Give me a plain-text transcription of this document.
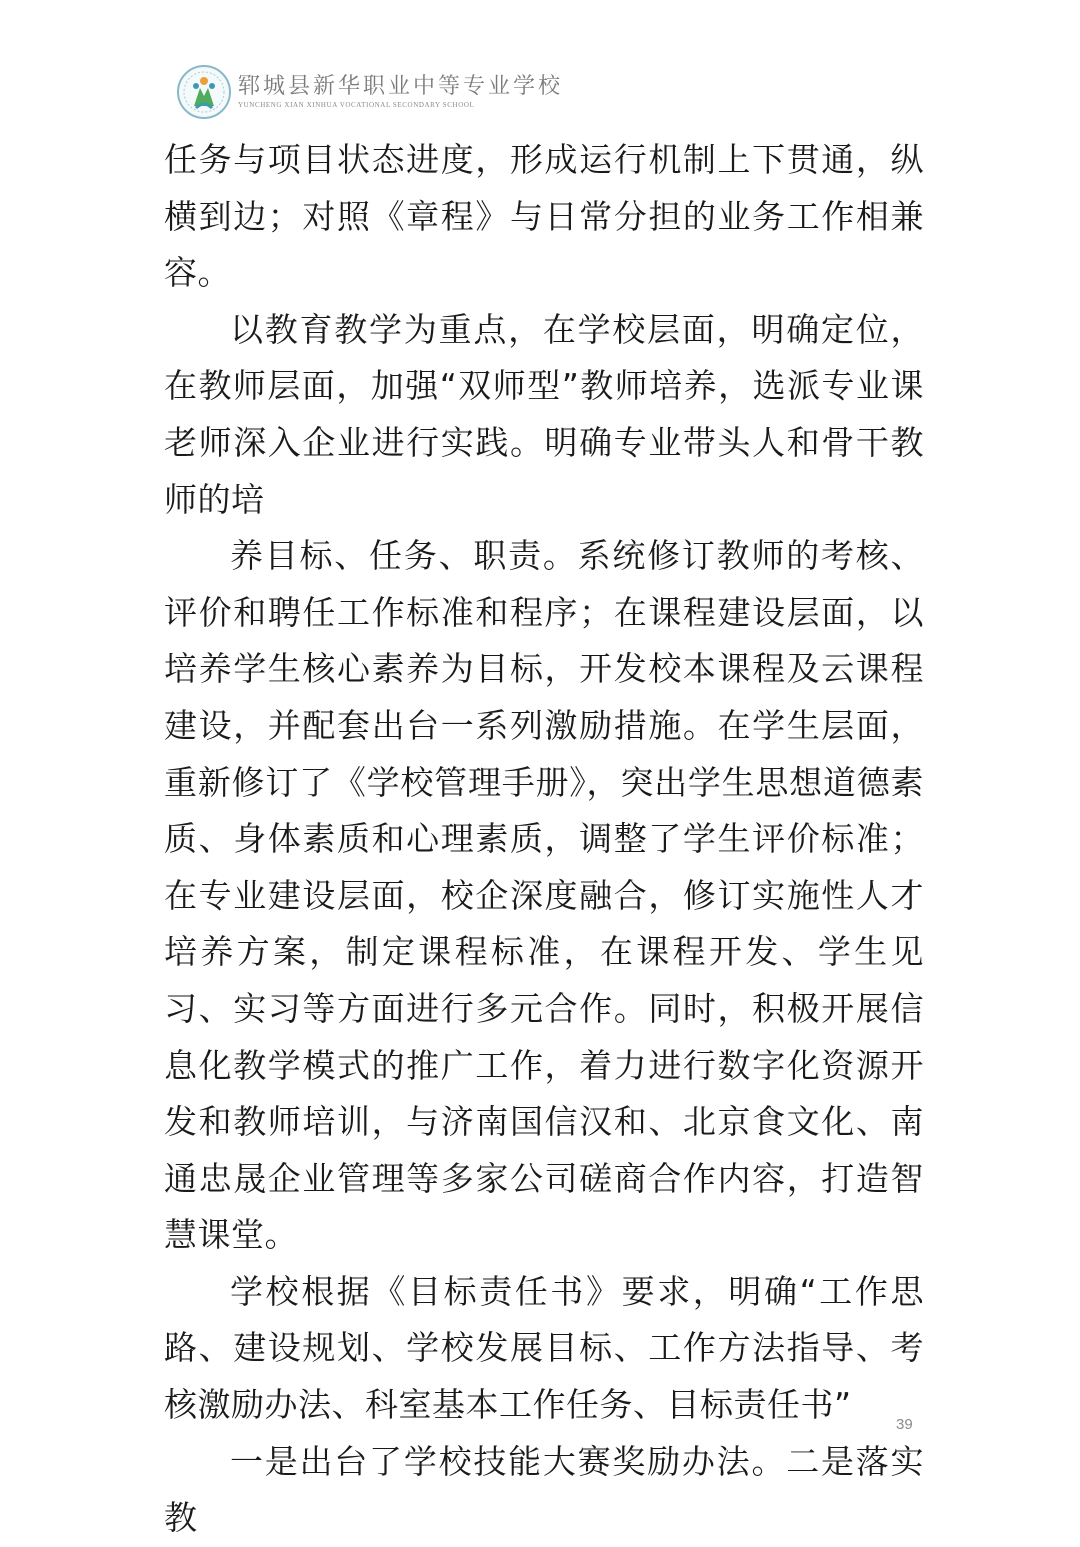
郓城县新华职业中等专业学校
YUNCHENG XIAN XINHUA VOCATIONAL SECONDARY SCHOOL

任务与项目状态进度，形成运行机制上下贯通，纵横到边；对照《章程》与日常分担的业务工作相兼容。

以教育教学为重点，在学校层面，明确定位，在教师层面，加强“双师型”教师培养，选派专业课老师深入企业进行实践。明确专业带头人和骨干教师的培

养目标、任务、职责。系统修订教师的考核、评价和聘任工作标准和程序；在课程建设层面，以培养学生核心素养为目标，开发校本课程及云课程建设，并配套出台一系列激励措施。在学生层面，重新修订了《学校管理手册》，突出学生思想道德素质、身体素质和心理素质，调整了学生评价标准；在专业建设层面，校企深度融合，修订实施性人才培养方案，制定课程标准，在课程开发、学生见习、实习等方面进行多元合作。同时，积极开展信息化教学模式的推广工作，着力进行数字化资源开发和教师培训，与济南国信汉和、北京食文化、南通忠晟企业管理等多家公司磋商合作内容，打造智慧课堂。

学校根据《目标责任书》要求，明确“工作思路、建设规划、学校发展目标、工作方法指导、考核激励办法、科室基本工作任务、目标责任书”

一是出台了学校技能大赛奖励办法。二是落实教

39
